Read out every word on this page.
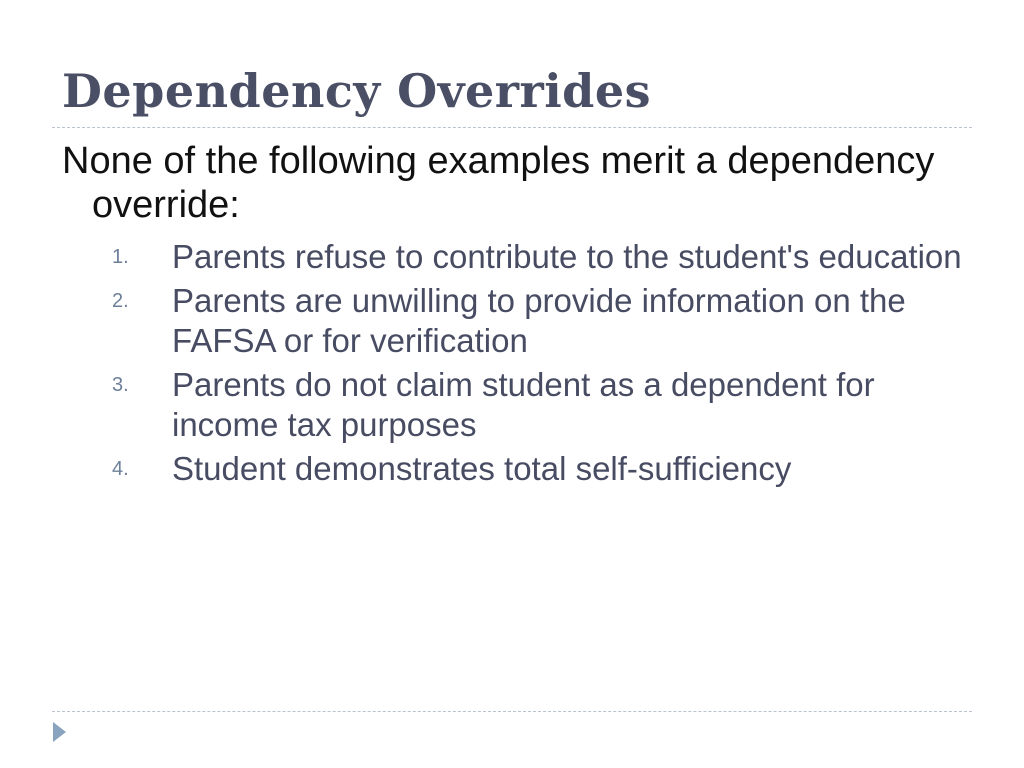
Dependency Overrides

None of the following examples merit a dependency override:

1. Parents refuse to contribute to the student's education
2. Parents are unwilling to provide information on the FAFSA or for verification
3. Parents do not claim student as a dependent for income tax purposes
4. Student demonstrates total self-sufficiency
